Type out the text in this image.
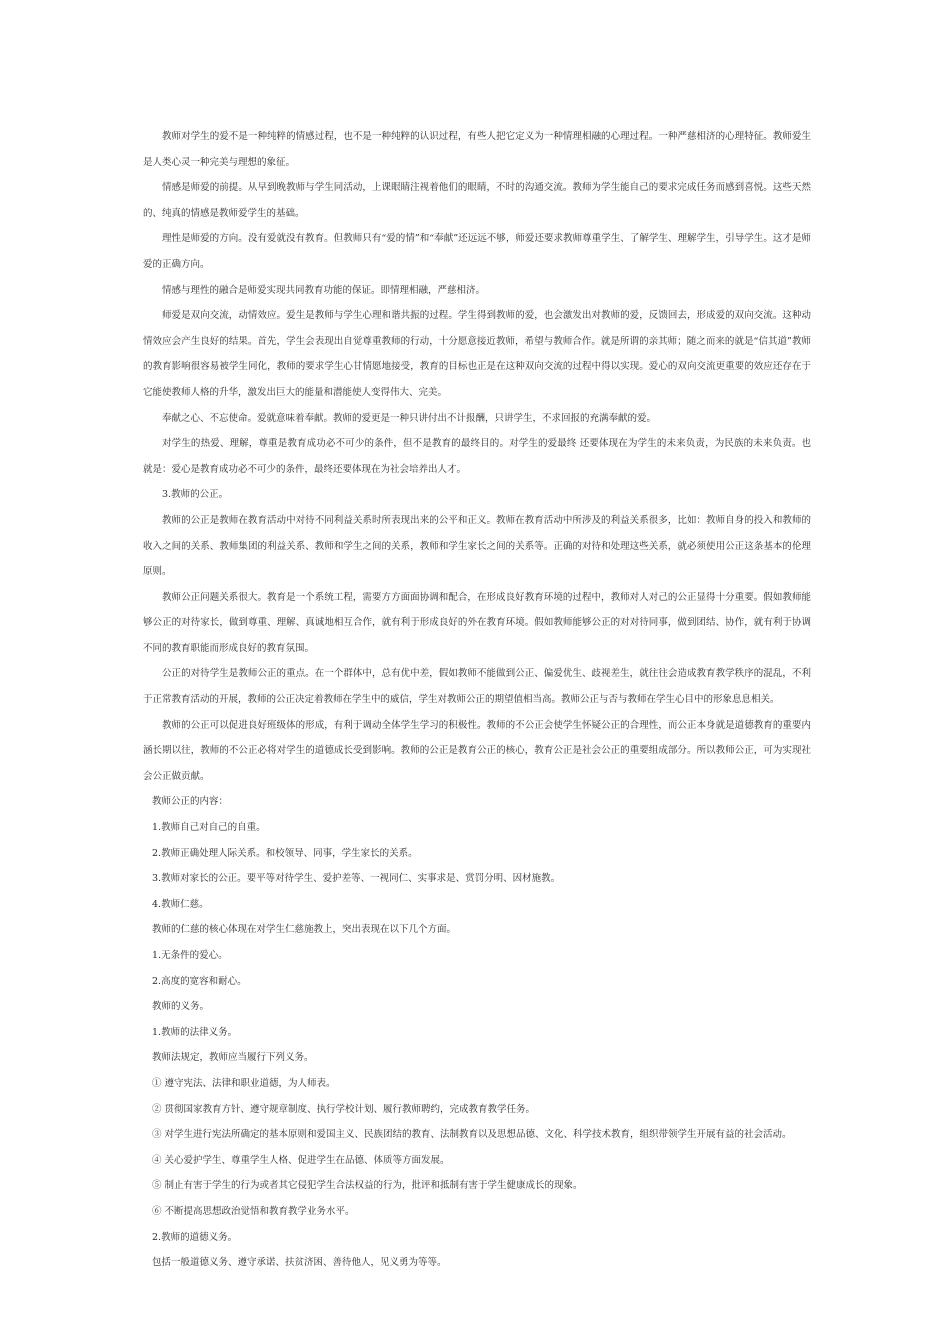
教师对学生的爱不是一种纯粹的情感过程，也不是一种纯粹的认识过程，有些人把它定义为一种情理相融的心理过程。一种严慈相济的心理特征。教师爱生是人类心灵一种完美与理想的象征。

情感是师爱的前提。从早到晚教师与学生同活动，上课眼睛注视着他们的眼睛，不时的沟通交流。教师为学生能自己的要求完成任务而感到喜悦。这些天然的、纯真的情感是教师爱学生的基础。

理性是师爱的方向。没有爱就没有教育。但教师只有“爱的情”和“奉献”还远远不够，师爱还要求教师尊重学生、了解学生、理解学生，引导学生。这才是师爱的正确方向。

情感与理性的融合是师爱实现共同教育功能的保证。即情理相融，严慈相济。

师爱是双向交流，动情效应。爱生是教师与学生心理和谐共振的过程。学生得到教师的爱，也会激发出对教师的爱，反馈回去，形成爱的双向交流。这种动情效应会产生良好的结果。首先，学生会表现出自觉尊重教师的行动，十分愿意接近教师，希望与教师合作。就是所谓的亲其师；随之而来的就是“信其道”教师的教育影响很容易被学生同化，教师的要求学生心甘情愿地接受，教育的目标也正是在这种双向交流的过程中得以实现。爱心的双向交流更重要的效应还存在于它能使教师人格的升华，激发出巨大的能量和潜能使人变得伟大、完美。

奉献之心、不忘使命。爱就意味着奉献。教师的爱更是一种只讲付出不计报酬，只讲学生，不求回报的充满奉献的爱。

对学生的热爱、理解，尊重是教育成功必不可少的条件，但不是教育的最终目的。对学生的爱最终 还要体现在为学生的未来负责，为民族的未来负责。也就是：爱心是教育成功必不可少的条件，最终还要体现在为社会培养出人才。

3.教师的公正。

教师的公正是教师在教育活动中对待不同利益关系时所表现出来的公平和正义。教师在教育活动中所涉及的利益关系很多，比如：教师自身的投入和教师的收入之间的关系、教师集团的利益关系、教师和学生之间的关系，教师和学生家长之间的关系等。正确的对待和处理这些关系，就必须使用公正这条基本的伦理原则。

教师公正问题关系很大。教育是一个系统工程，需要方方面面协调和配合，在形成良好教育环境的过程中，教师对人对己的公正显得十分重要。假如教师能够公正的对待家长，做到尊重、理解、真诚地相互合作，就有利于形成良好的外在教育环境。假如教师能够公正的对对待同事，做到团结、协作，就有利于协调不同的教育职能而形成良好的教育氛围。

公正的对待学生是教师公正的重点。在一个群体中，总有优中差，假如教师不能做到公正、偏爱优生、歧视差生，就往往会造成教育教学秩序的混乱，不利于正常教育活动的开展，教师的公正决定着教师在学生中的威信，学生对教师公正的期望值相当高。教师公正与否与教师在学生心目中的形象息息相关。

教师的公正可以促进良好班级体的形成，有利于调动全体学生学习的积极性。教师的不公正会使学生怀疑公正的合理性，而公正本身就是道德教育的重要内涵长期以往，教师的不公正必将对学生的道德成长受到影响。教师的公正是教育公正的核心，教育公正是社会公正的重要组成部分。所以教师公正，可为实现社会公正做贡献。

教师公正的内容：

1.教师自己对自己的自重。

2.教师正确处理人际关系。和校领导、同事，学生家长的关系。

3.教师对家长的公正。要平等对待学生、爱护差等、一视同仁、实事求是、赏罚分明、因材施教。

4.教师仁慈。

教师的仁慈的核心体现在对学生仁慈施教上，突出表现在以下几个方面。

1.无条件的爱心。

2.高度的宽容和耐心。

教师的义务。

1.教师的法律义务。

教师法规定，教师应当履行下列义务。

① 遵守宪法、法律和职业道德，为人师表。

② 贯彻国家教育方针、遵守规章制度、执行学校计划、履行教师聘约，完成教育教学任务。

③ 对学生进行宪法所确定的基本原则和爱国主义、民族团结的教育、法制教育以及思想品德、文化、科学技术教育，组织带领学生开展有益的社会活动。

④ 关心爱护学生、尊重学生人格、促进学生在品德、体质等方面发展。

⑤ 制止有害于学生的行为或者其它侵犯学生合法权益的行为，批评和抵制有害于学生健康成长的现象。

⑥ 不断提高思想政治觉悟和教育教学业务水平。

2.教师的道德义务。

包括一般道德义务、遵守承诺、扶贫济困、善待他人，见义勇为等等。
